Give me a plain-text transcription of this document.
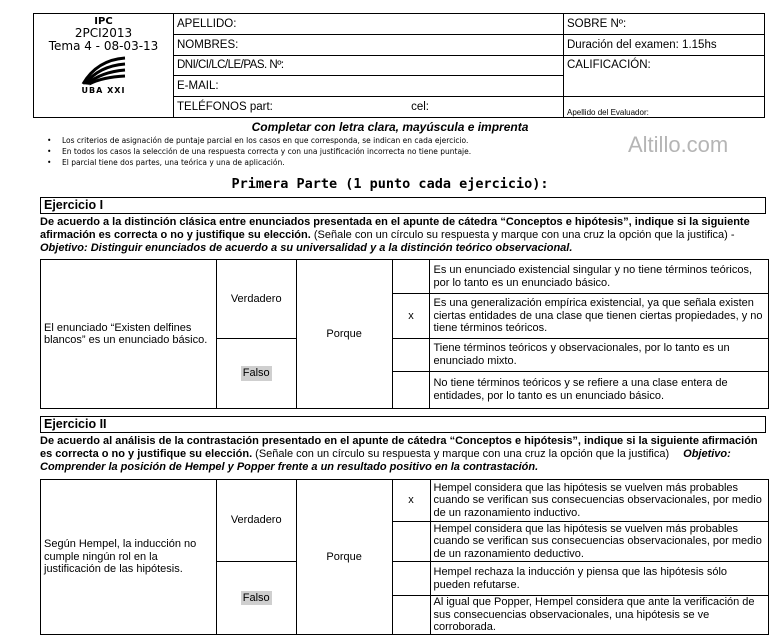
IPC
2PCI2013
Tema 4 - 08-03-13
UBA XXI	APELLIDO:	SOBRE Nº:
	NOMBRES:	Duración del examen: 1.15hs
	DNI/CI/LC/LE/PAS. Nº:	CALIFICACIÓN:
	E-MAIL:	
	TELÉFONOS part: cel:	Apellido del Evaluador:
Completar con letra clara, mayúscula e imprenta
• Los criterios de asignación de puntaje parcial en los casos en que corresponda, se indican en cada ejercicio.
• En todos los casos la selección de una respuesta correcta y con una justificación incorrecta no tiene puntaje.
• El parcial tiene dos partes, una teórica y una de aplicación.
Altillo.com
Primera Parte (1 punto cada ejercicio):
Ejercicio I
De acuerdo a la distinción clásica entre enunciados presentada en el apunte de cátedra “Conceptos e hipótesis”, indique si la siguiente afirmación es correcta o no y justifique su elección. (Señale con un círculo su respuesta y marque con una cruz la opción que la justifica) - Objetivo: Distinguir enunciados de acuerdo a su universalidad y a la distinción teórico observacional.
El enunciado “Existen delfines blancos” es un enunciado básico.	Verdadero	Porque		Es un enunciado existencial singular y no tiene términos teóricos, por lo tanto es un enunciado básico.
			x	Es una generalización empírica existencial, ya que señala existen ciertas entidades de una clase que tienen ciertas propiedades, y no tiene términos teóricos.
	Falso			Tiene términos teóricos y observacionales, por lo tanto es un enunciado mixto.
				No tiene términos teóricos y se refiere a una clase entera de entidades, por lo tanto es un enunciado básico.
Ejercicio II
De acuerdo al análisis de la contrastación presentado en el apunte de cátedra “Conceptos e hipótesis”, indique si la siguiente afirmación es correcta o no y justifique su elección. (Señale con un círculo su respuesta y marque con una cruz la opción que la justifica) Objetivo: Comprender la posición de Hempel y Popper frente a un resultado positivo en la contrastación.
Según Hempel, la inducción no cumple ningún rol en la justificación de las hipótesis.	Verdadero	Porque	x	Hempel considera que las hipótesis se vuelven más probables cuando se verifican sus consecuencias observacionales, por medio de un razonamiento inductivo.
				Hempel considera que las hipótesis se vuelven más probables cuando se verifican sus consecuencias observacionales, por medio de un razonamiento deductivo.
	Falso			Hempel rechaza la inducción y piensa que las hipótesis sólo pueden refutarse.
				Al igual que Popper, Hempel considera que ante la verificación de sus consecuencias observacionales, una hipótesis se ve corroborada.
